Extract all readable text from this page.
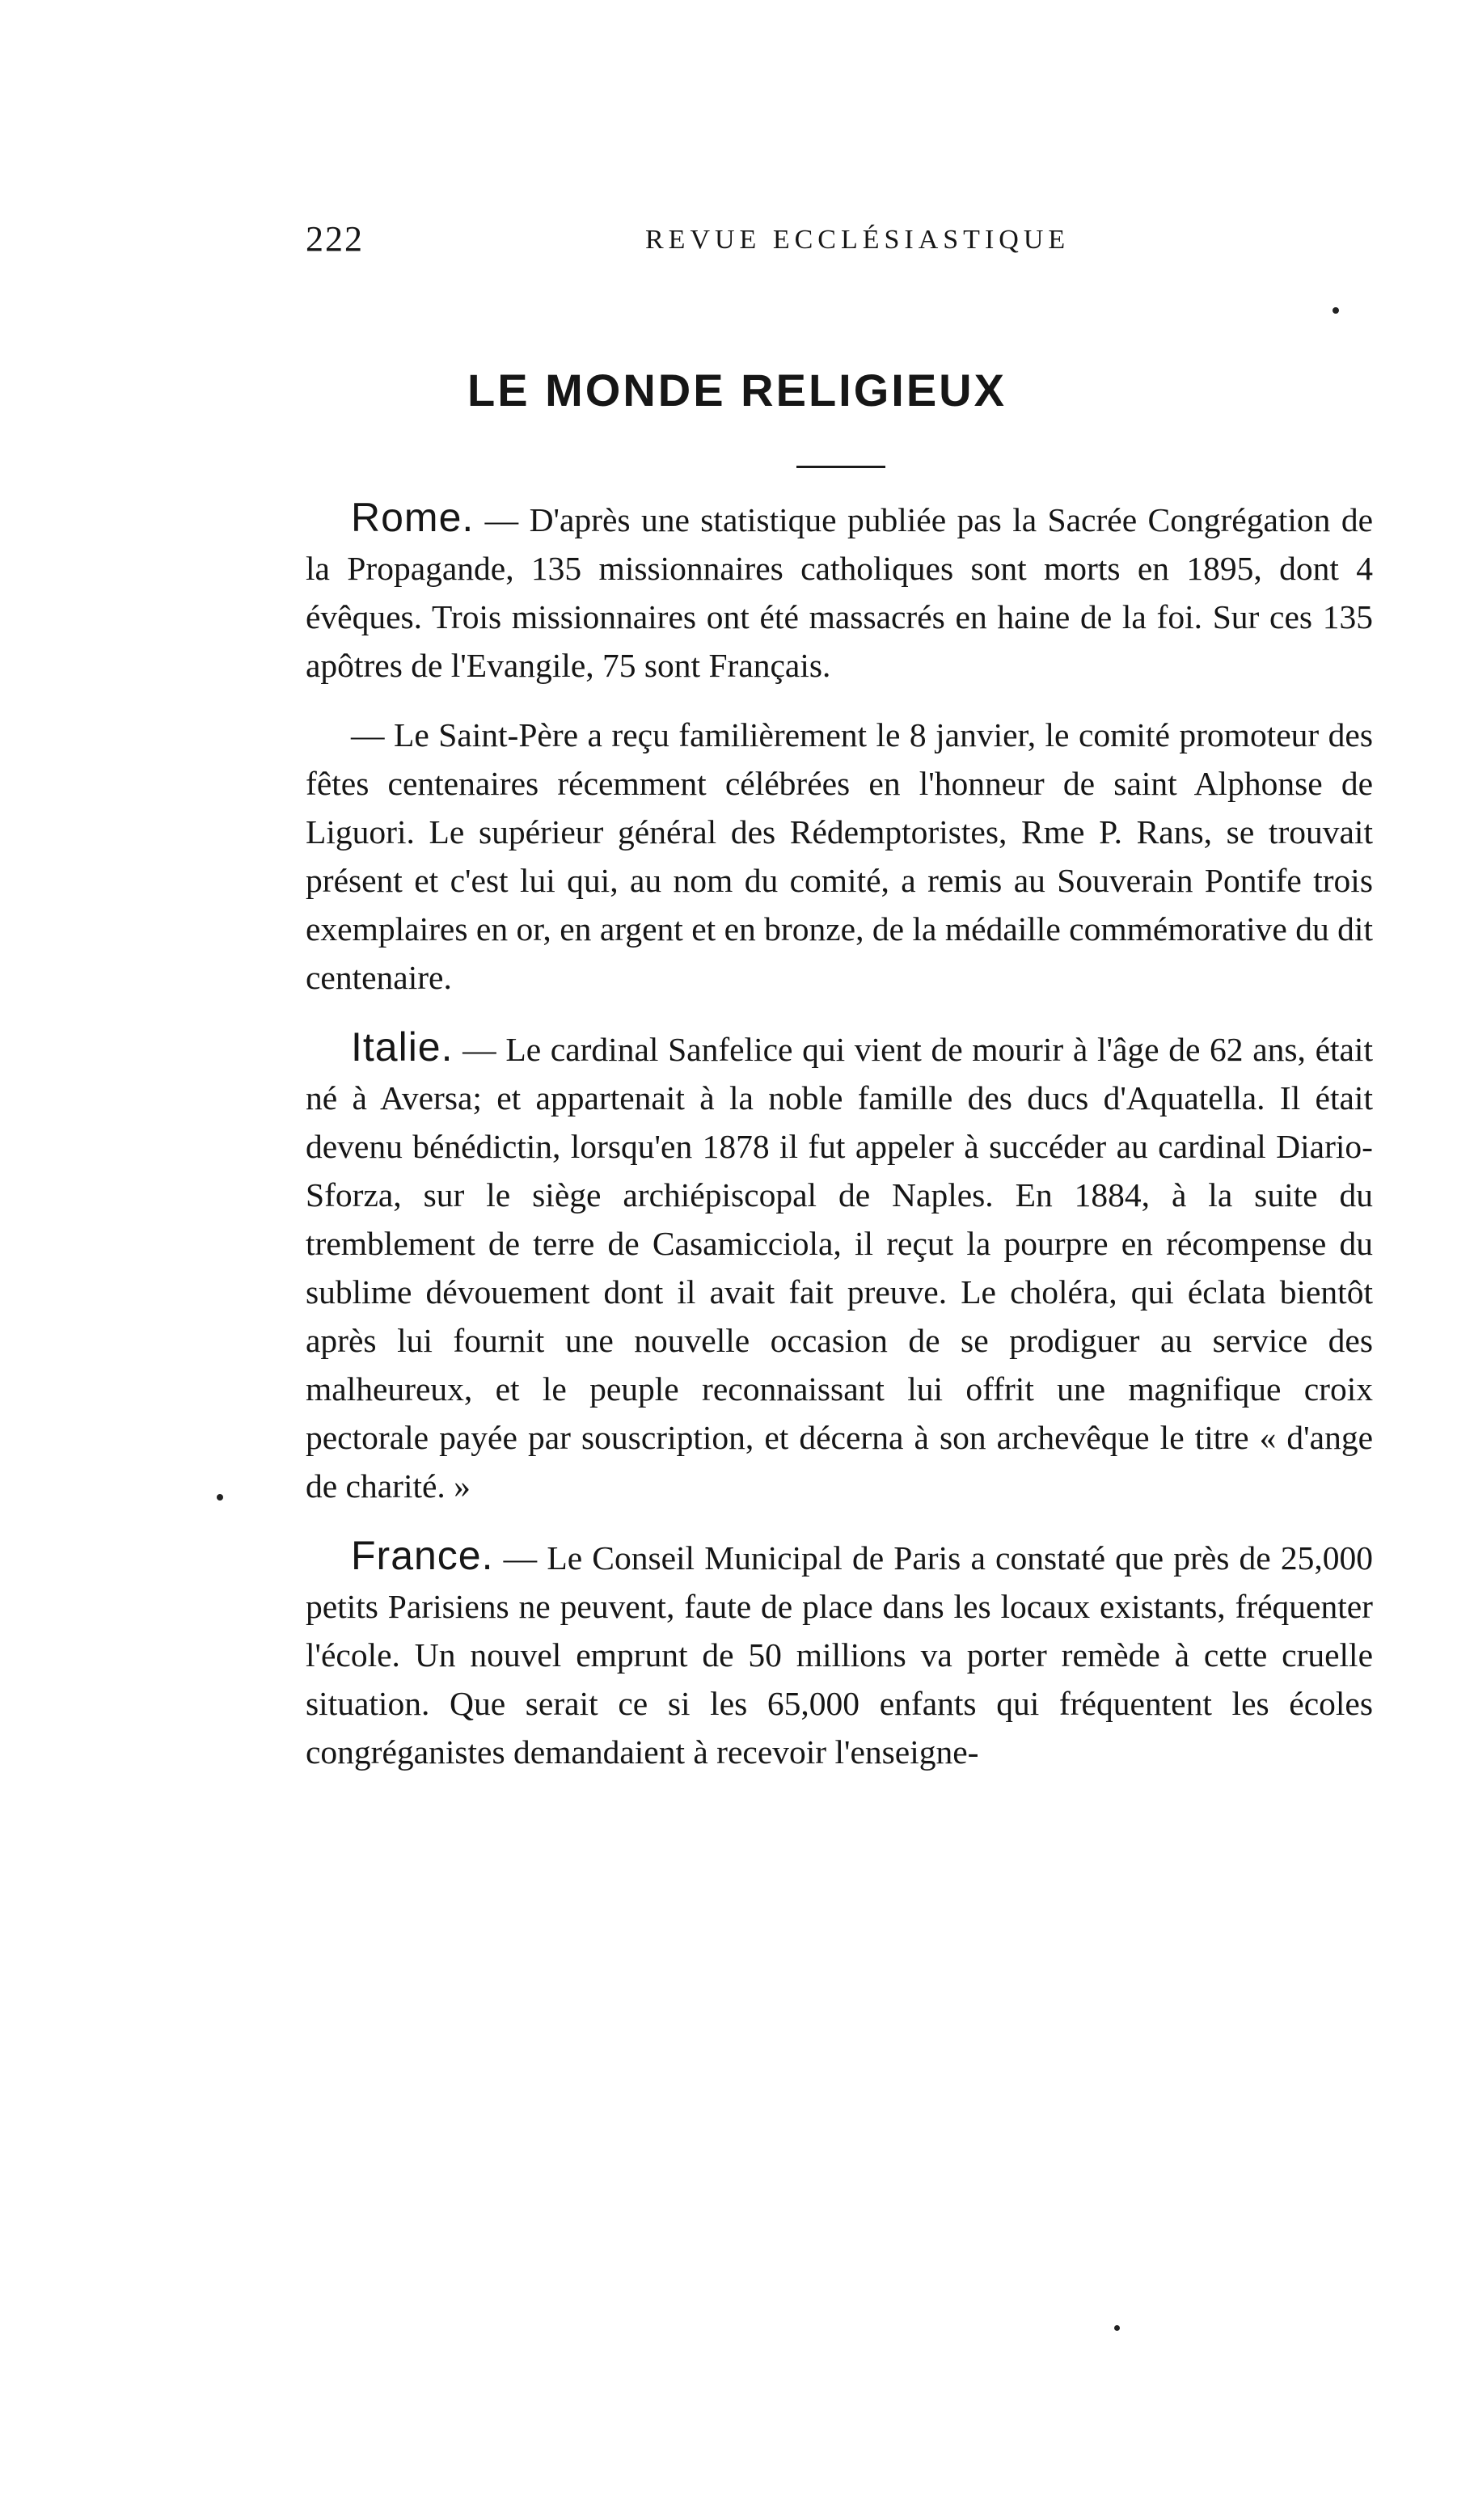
222	REVUE ECCLÉSIASTIQUE
LE MONDE RELIGIEUX

Rome. — D'après une statistique publiée pas la Sacrée Congrégation de la Propagande, 135 missionnaires catholiques sont morts en 1895, dont 4 évêques. Trois missionnaires ont été massacrés en haine de la foi. Sur ces 135 apôtres de l'Evangile, 75 sont Français.

— Le Saint-Père a reçu familièrement le 8 janvier, le comité promoteur des fêtes centenaires récemment célébrées en l'honneur de saint Alphonse de Liguori. Le supérieur général des Rédemptoristes, Rme P. Rans, se trouvait présent et c'est lui qui, au nom du comité, a remis au Souverain Pontife trois exemplaires en or, en argent et en bronze, de la médaille commémorative du dit centenaire.

Italie. — Le cardinal Sanfelice qui vient de mourir à l'âge de 62 ans, était né à Aversa; et appartenait à la noble famille des ducs d'Aquatella. Il était devenu bénédictin, lorsqu'en 1878 il fut appeler à succéder au cardinal Diario-Sforza, sur le siège archiépiscopal de Naples. En 1884, à la suite du tremblement de terre de Casamicciola, il reçut la pourpre en récompense du sublime dévouement dont il avait fait preuve. Le choléra, qui éclata bientôt après lui fournit une nouvelle occasion de se prodiguer au service des malheureux, et le peuple reconnaissant lui offrit une magnifique croix pectorale payée par souscription, et décerna à son archevêque le titre « d'ange de charité. »

France. — Le Conseil Municipal de Paris a constaté que près de 25,000 petits Parisiens ne peuvent, faute de place dans les locaux existants, fréquenter l'école. Un nouvel emprunt de 50 millions va porter remède à cette cruelle situation. Que serait ce si les 65,000 enfants qui fréquentent les écoles congréganistes demandaient à recevoir l'enseigne-
